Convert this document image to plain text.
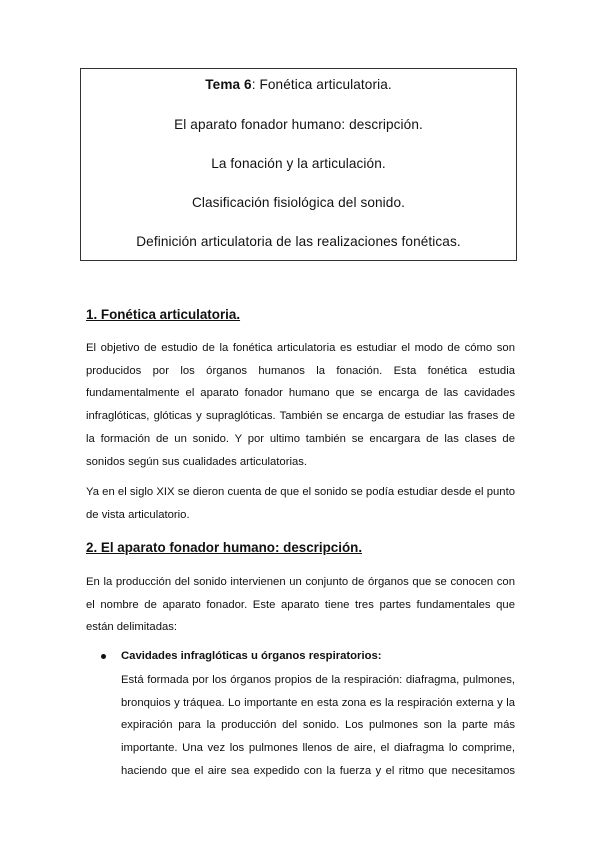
Tema 6: Fonética articulatoria.
El aparato fonador humano: descripción.
La fonación y la articulación.
Clasificación fisiológica del sonido.
Definición articulatoria de las realizaciones fonéticas.
1. Fonética articulatoria.

El objetivo de estudio de la fonética articulatoria es estudiar el modo de cómo son producidos por los órganos humanos la fonación. Esta fonética estudia fundamentalmente el aparato fonador humano que se encarga de las cavidades infraglóticas, glóticas y supraglóticas. También se encarga de estudiar las frases de la formación de un sonido. Y por ultimo también se encargara de las clases de sonidos según sus cualidades articulatorias.

Ya en el siglo XIX se dieron cuenta de que el sonido se podía estudiar desde el punto de vista articulatorio.

2. El aparato fonador humano: descripción.

En la producción del sonido intervienen un conjunto de órganos que se conocen con el nombre de aparato fonador. Este aparato tiene tres partes fundamentales que están delimitadas:

Cavidades infraglóticas u órganos respiratorios:

Está formada por los órganos propios de la respiración: diafragma, pulmones, bronquios y tráquea. Lo importante en esta zona es la respiración externa y la expiración para la producción del sonido. Los pulmones son la parte más importante. Una vez los pulmones llenos de aire, el diafragma lo comprime, haciendo que el aire sea expedido con la fuerza y el ritmo que necesitamos
